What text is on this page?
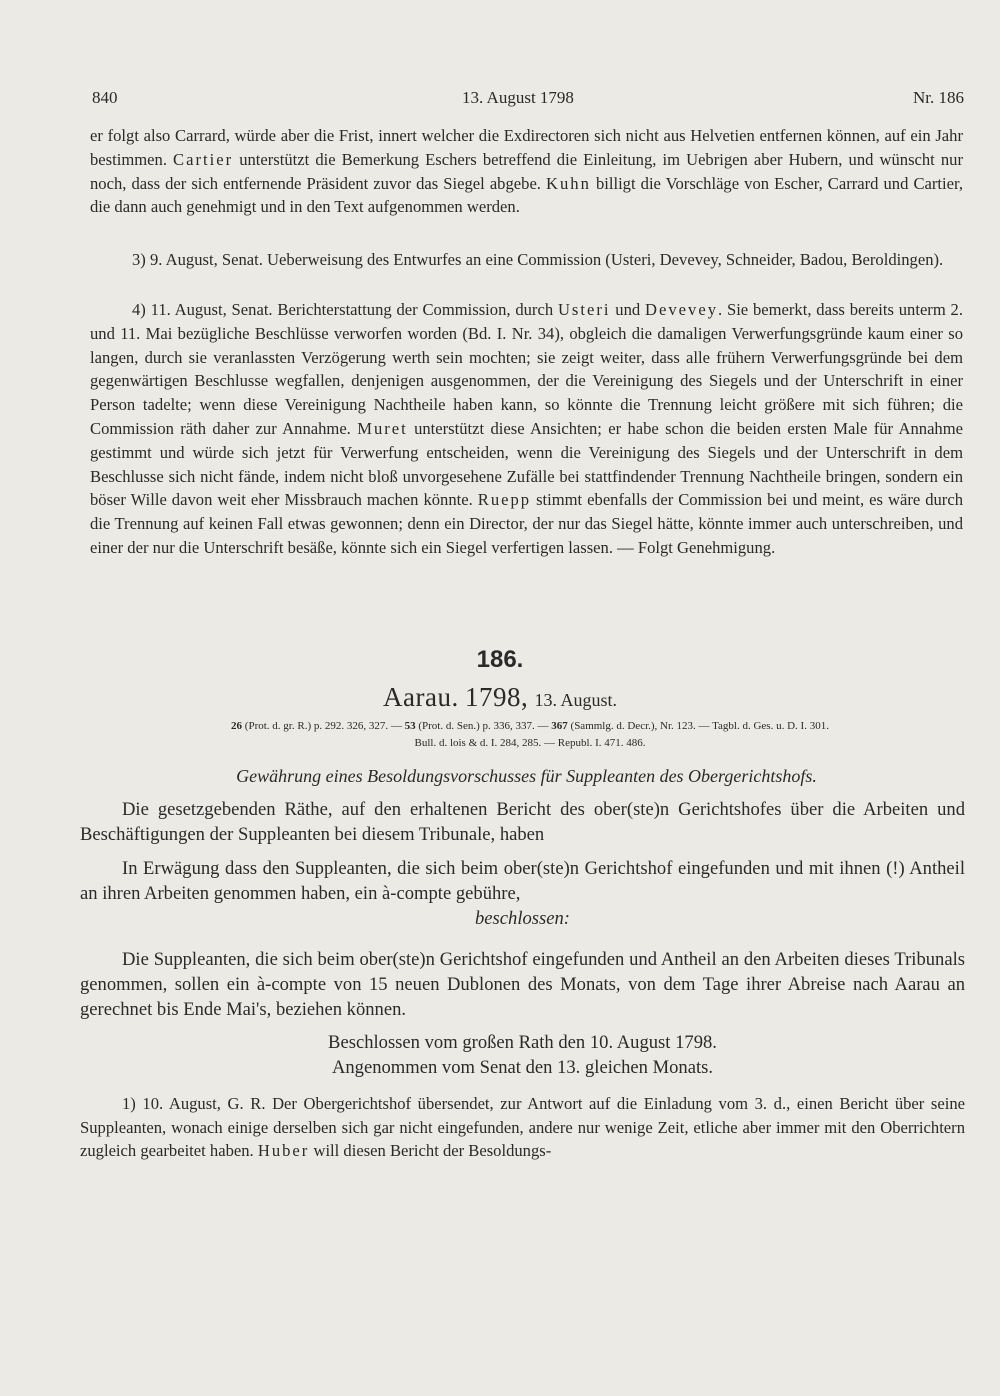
840	13. August 1798	Nr. 186

er folgt also Carrard, würde aber die Frist, innert welcher die Exdirectoren sich nicht aus Helvetien entfernen können, auf ein Jahr bestimmen. Cartier unterstützt die Bemerkung Eschers betreffend die Einleitung, im Uebrigen aber Hubern, und wünscht nur noch, dass der sich entfernende Präsident zuvor das Siegel abgebe. Kuhn billigt die Vorschläge von Escher, Carrard und Cartier, die dann auch genehmigt und in den Text aufgenommen werden.

3) 9. August, Senat. Ueberweisung des Entwurfes an eine Commission (Usteri, Devevey, Schneider, Badou, Beroldingen).

4) 11. August, Senat. Berichterstattung der Commission, durch Usteri und Devevey. Sie bemerkt, dass bereits unterm 2. und 11. Mai bezügliche Beschlüsse verworfen worden (Bd. I. Nr. 34), obgleich die damaligen Verwerfungsgründe kaum einer so langen, durch sie veranlassten Verzögerung werth sein mochten; sie zeigt weiter, dass alle frühern Verwerfungsgründe bei dem gegenwärtigen Beschlusse wegfallen, denjenigen ausgenommen, der die Vereinigung des Siegels und der Unterschrift in einer Person tadelte; wenn diese Vereinigung Nachtheile haben kann, so könnte die Trennung leicht größere mit sich führen; die Commission räth daher zur Annahme. Muret unterstützt diese Ansichten; er habe schon die beiden ersten Male für Annahme gestimmt und würde sich jetzt für Verwerfung entscheiden, wenn die Vereinigung des Siegels und der Unterschrift in dem Beschlusse sich nicht fände, indem nicht bloß unvorgesehene Zufälle bei stattfindender Trennung Nachtheile bringen, sondern ein böser Wille davon weit eher Missbrauch machen könnte. Ruepp stimmt ebenfalls der Commission bei und meint, es wäre durch die Trennung auf keinen Fall etwas gewonnen; denn ein Director, der nur das Siegel hätte, könnte immer auch unterschreiben, und einer der nur die Unterschrift besäße, könnte sich ein Siegel verfertigen lassen. — Folgt Genehmigung.

186.
Aarau. 1798, 13. August.
26 (Prot. d. gr. R.) p. 292. 326, 327. — 53 (Prot. d. Sen.) p. 336, 337. — 367 (Sammlg. d. Decr.), Nr. 123. — Tagbl. d. Ges. u. D. I. 301.
Bull. d. lois & d. I. 284, 285. — Republ. I. 471. 486.
Gewährung eines Besoldungsvorschusses für Suppleanten des Obergerichtshofs.

Die gesetzgebenden Räthe, auf den erhaltenen Bericht des ober(ste)n Gerichtshofes über die Arbeiten und Beschäftigungen der Suppleanten bei diesem Tribunale, haben

In Erwägung dass den Suppleanten, die sich beim ober(ste)n Gerichtshof eingefunden und mit ihnen (!) Antheil an ihren Arbeiten genommen haben, ein à-compte gebühre,

beschlossen:

Die Suppleanten, die sich beim ober(ste)n Gerichtshof eingefunden und Antheil an den Arbeiten dieses Tribunals genommen, sollen ein à-compte von 15 neuen Dublonen des Monats, von dem Tage ihrer Abreise nach Aarau an gerechnet bis Ende Mai's, beziehen können.

Beschlossen vom großen Rath den 10. August 1798.

Angenommen vom Senat den 13. gleichen Monats.

1) 10. August, G. R. Der Obergerichtshof übersendet, zur Antwort auf die Einladung vom 3. d., einen Bericht über seine Suppleanten, wonach einige derselben sich gar nicht eingefunden, andere nur wenige Zeit, etliche aber immer mit den Oberrichtern zugleich gearbeitet haben. Huber will diesen Bericht der Besoldungs-
